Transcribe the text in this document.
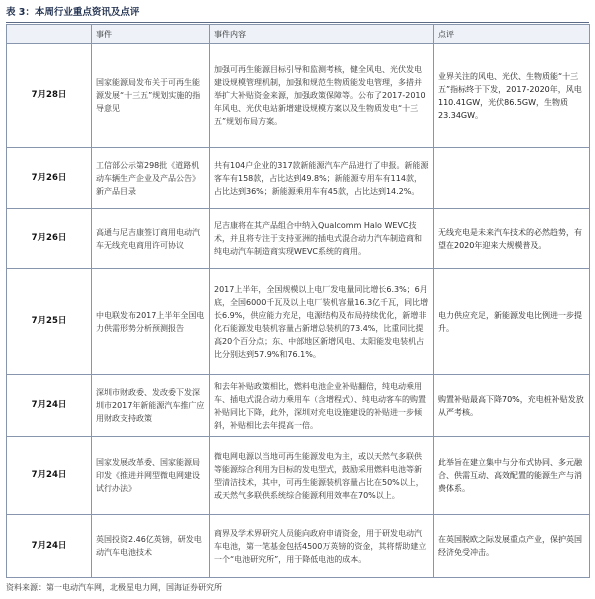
表 3：本周行业重点资讯及点评
	事件	事件内容	点评
7月28日	国家能源局发布关于可再生能源发展“十三五”规划实施的指导意见	加强可再生能源目标引导和监测考核，健全风电、光伏发电建设规模管理机制，加强和规范生物质能发电管理，多措并举扩大补贴资金来源，加强政策保障等。公布了2017-2010年风电、光伏电站新增建设规模方案以及生物质发电“十三五”规划布局方案。	业界关注的风电、光伏、生物质能“十三五”指标终于下发，2017-2020年，风电110.41GW，光伏86.5GW，生物质23.34GW。
7月26日	工信部公示第298批《道路机动车辆生产企业及产品公告》新产品目录	共有104户企业的317款新能源汽车产品进行了申报。新能源客车有158款，占比达到49.8%；新能源专用车有114款，占比达到36%；新能源乘用车有45款，占比达到14.2%。	
7月26日	高通与尼吉康签订商用电动汽车无线充电商用许可协议	尼吉康将在其产品组合中纳入Qualcomm Halo WEVC技术，并且将专注于支持亚洲的插电式混合动力汽车制造商和纯电动汽车制造商实现WEVC系统的商用。	无线充电是未来汽车技术的必然趋势，有望在2020年迎来大规模普及。
7月25日	中电联发布2017上半年全国电力供需形势分析预测报告	2017上半年，全国规模以上电厂发电量同比增长6.3%；6月底，全国6000千瓦及以上电厂装机容量16.3亿千瓦，同比增长6.9%，供应能力充足，电源结构及布局持续优化，新增非化石能源发电装机容量占新增总装机的73.4%，比重同比提高20个百分点；东、中部地区新增风电、太阳能发电装机占比分别达到57.9%和76.1%。	电力供应充足，新能源发电比例进一步提升。
7月24日	深圳市财政委、发改委下发深圳市2017年新能源汽车推广应用财政支持政策	和去年补贴政策相比，燃料电池企业补贴翻倍，纯电动乘用车、插电式混合动力乘用车（含增程式）、纯电动客车的购置补贴同比下降，此外，深圳对充电设施建设的补贴进一步倾斜，补贴相比去年提高一倍。	购置补贴最高下降70%，充电桩补贴发放从严考核。
7月24日	国家发展改革委、国家能源局印发《推进并网型微电网建设试行办法》	微电网电源以当地可再生能源发电为主，或以天然气多联供等能源综合利用为目标的发电型式，鼓励采用燃料电池等新型清洁技术，其中，可再生能源装机容量占比在50%以上，或天然气多联供系统综合能源利用效率在70%以上。	此举旨在建立集中与分布式协同、多元融合、供需互动、高效配置的能源生产与消费体系。
7月24日	英国投资2.46亿英镑，研发电动汽车电池技术	商界及学术界研究人员能向政府申请资金，用于研发电动汽车电池，第一笔基金包括4500万英镑的资金，其将帮助建立一个“电池研究所”，用于降低电池的成本。	在英国脱欧之际发展重点产业，保护英国经济免受冲击。
资料来源：第一电动汽车网，北极星电力网，国海证券研究所
